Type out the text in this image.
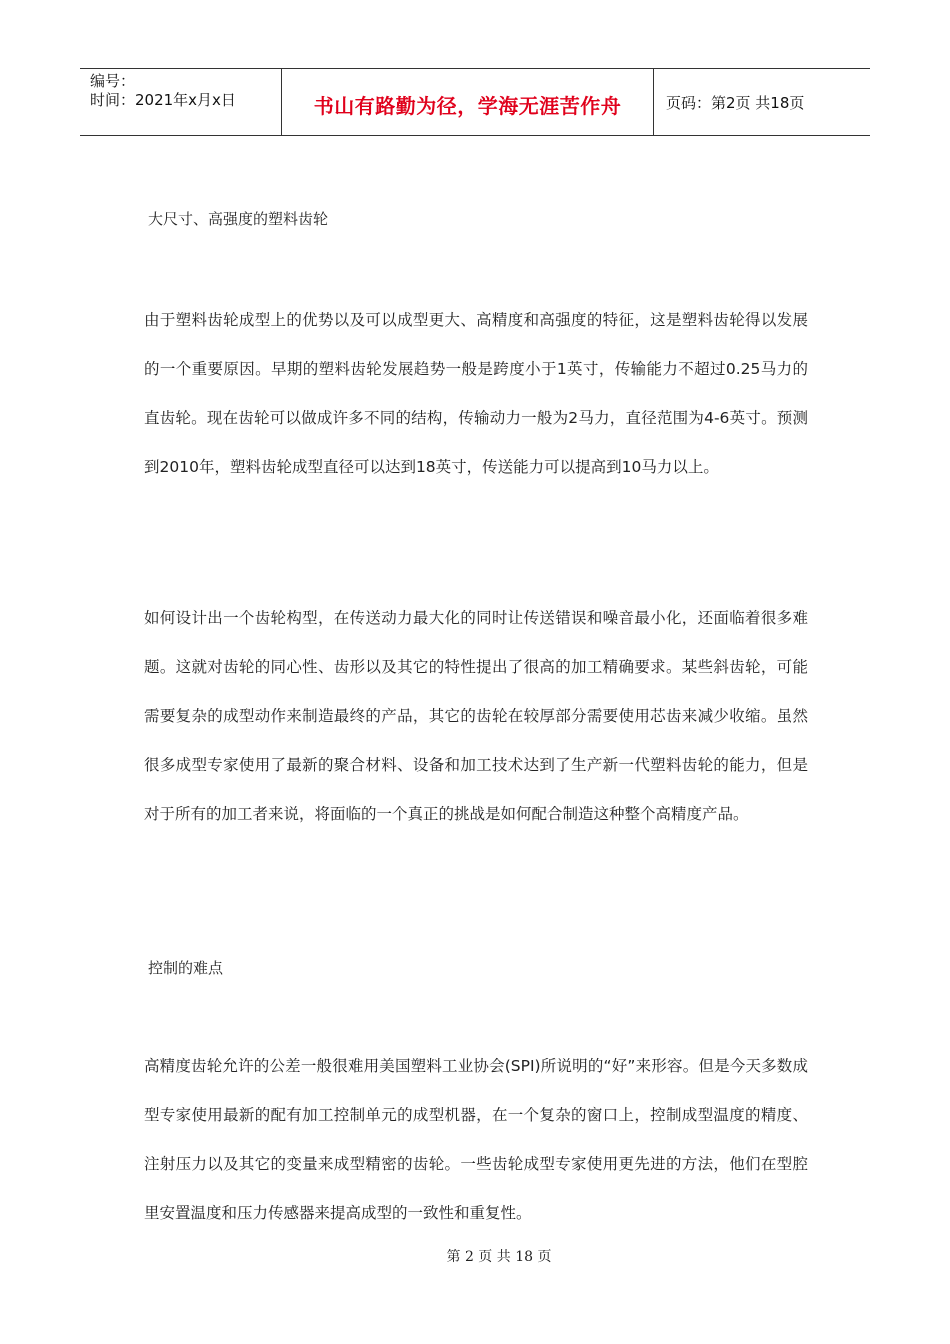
编号：
时间：2021年x月x日	书山有路勤为径，学海无涯苦作舟	页码：第2页 共18页
大尺寸、高强度的塑料齿轮
由于塑料齿轮成型上的优势以及可以成型更大、高精度和高强度的特征，这是塑料齿轮得以发展的一个重要原因。早期的塑料齿轮发展趋势一般是跨度小于1英寸，传输能力不超过0.25马力的直齿轮。现在齿轮可以做成许多不同的结构，传输动力一般为2马力，直径范围为4-6英寸。预测到2010年，塑料齿轮成型直径可以达到18英寸，传送能力可以提高到10马力以上。
如何设计出一个齿轮构型，在传送动力最大化的同时让传送错误和噪音最小化，还面临着很多难题。这就对齿轮的同心性、齿形以及其它的特性提出了很高的加工精确要求。某些斜齿轮，可能需要复杂的成型动作来制造最终的产品，其它的齿轮在较厚部分需要使用芯齿来减少收缩。虽然很多成型专家使用了最新的聚合材料、设备和加工技术达到了生产新一代塑料齿轮的能力，但是对于所有的加工者来说，将面临的一个真正的挑战是如何配合制造这种整个高精度产品。
控制的难点
高精度齿轮允许的公差一般很难用美国塑料工业协会(SPI)所说明的“好”来形容。但是今天多数成型专家使用最新的配有加工控制单元的成型机器，在一个复杂的窗口上，控制成型温度的精度、注射压力以及其它的变量来成型精密的齿轮。一些齿轮成型专家使用更先进的方法，他们在型腔里安置温度和压力传感器来提高成型的一致性和重复性。
第 2 页 共 18 页
